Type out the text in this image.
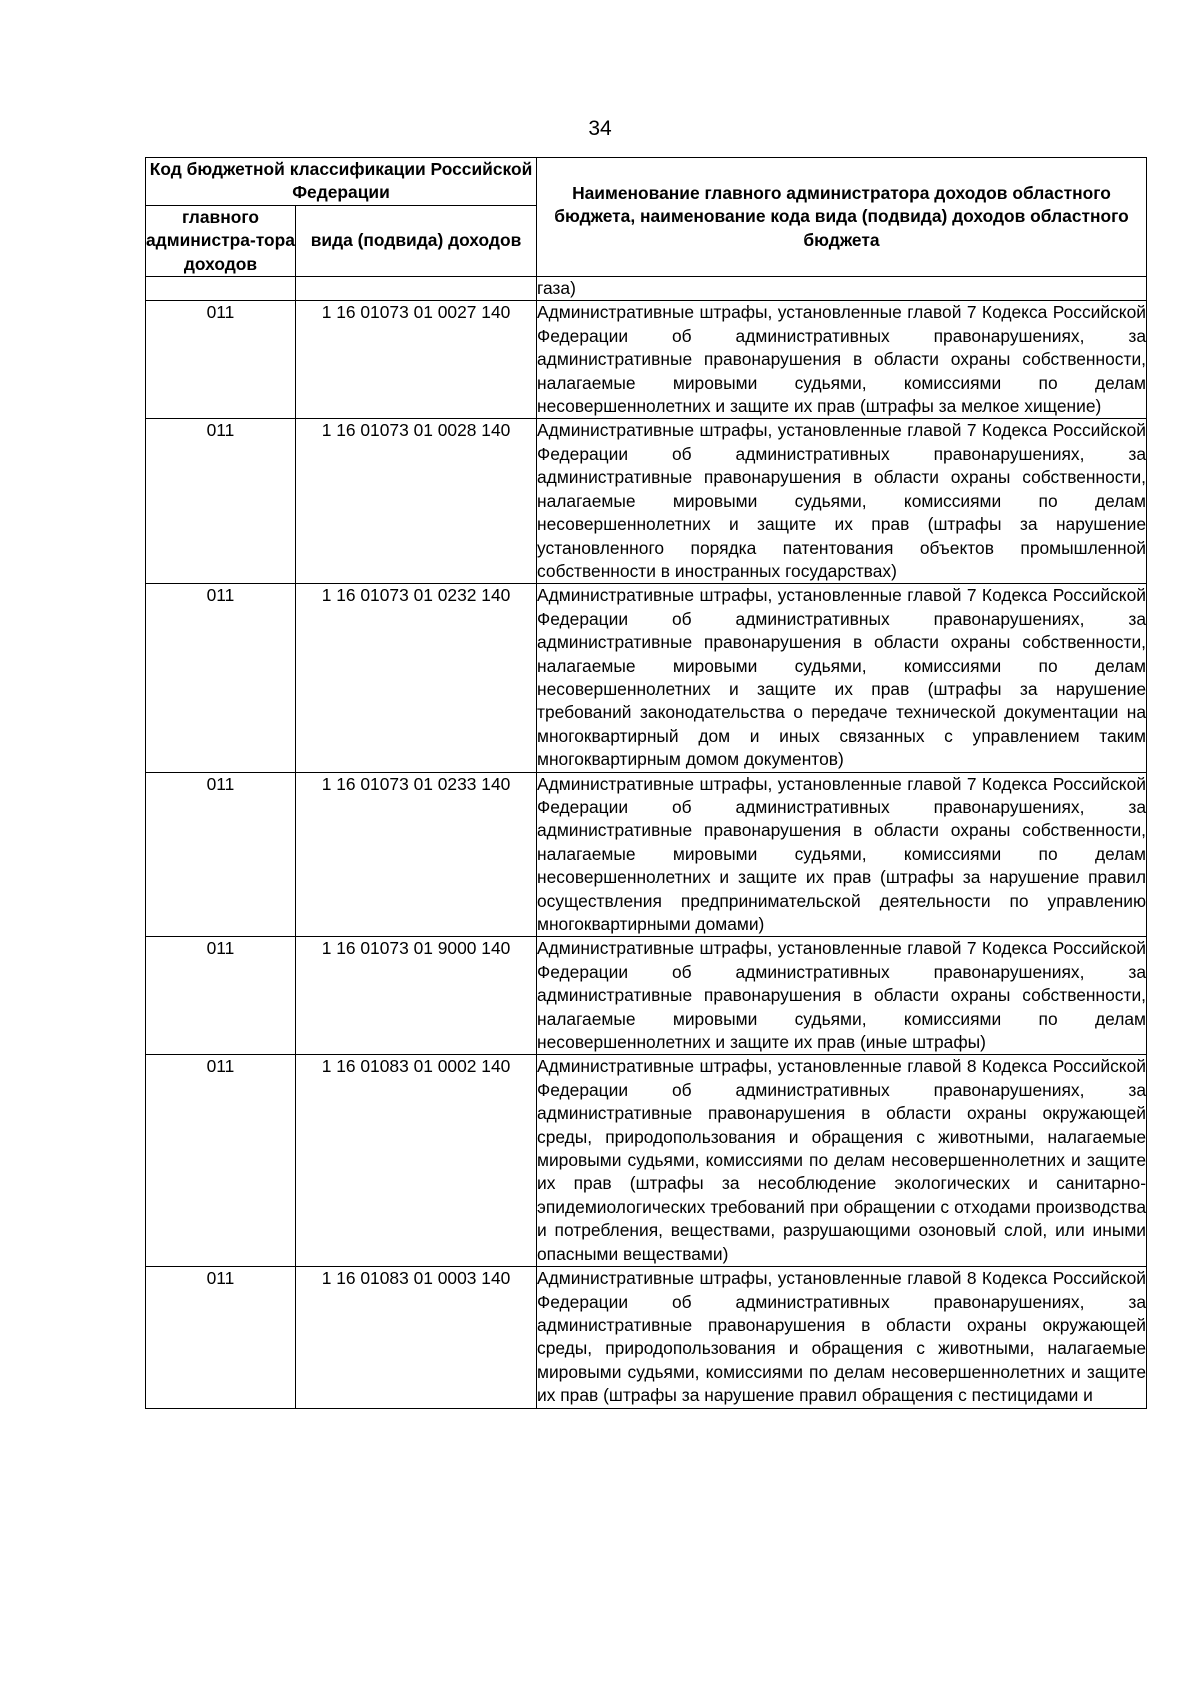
34
Код бюджетной классификации Российской Федерации		Наименование главного администратора доходов областного бюджета, наименование кода вида (подвида) доходов областного бюджета
главного администра-тора доходов	вида (подвида) доходов	
		газа)
011	1 16 01073 01 0027 140	Административные штрафы, установленные главой 7 Кодекса Российской Федерации об административных правонарушениях, за административные правонарушения в области охраны собственности, налагаемые мировыми судьями, комиссиями по делам несовершеннолетних и защите их прав (штрафы за мелкое хищение)
011	1 16 01073 01 0028 140	Административные штрафы, установленные главой 7 Кодекса Российской Федерации об административных правонарушениях, за административные правонарушения в области охраны собственности, налагаемые мировыми судьями, комиссиями по делам несовершеннолетних и защите их прав (штрафы за нарушение установленного порядка патентования объектов промышленной собственности в иностранных государствах)
011	1 16 01073 01 0232 140	Административные штрафы, установленные главой 7 Кодекса Российской Федерации об административных правонарушениях, за административные правонарушения в области охраны собственности, налагаемые мировыми судьями, комиссиями по делам несовершеннолетних и защите их прав (штрафы за нарушение требований законодательства о передаче технической документации на многоквартирный дом и иных связанных с управлением таким многоквартирным домом документов)
011	1 16 01073 01 0233 140	Административные штрафы, установленные главой 7 Кодекса Российской Федерации об административных правонарушениях, за административные правонарушения в области охраны собственности, налагаемые мировыми судьями, комиссиями по делам несовершеннолетних и защите их прав (штрафы за нарушение правил осуществления предпринимательской деятельности по управлению многоквартирными домами)
011	1 16 01073 01 9000 140	Административные штрафы, установленные главой 7 Кодекса Российской Федерации об административных правонарушениях, за административные правонарушения в области охраны собственности, налагаемые мировыми судьями, комиссиями по делам несовершеннолетних и защите их прав (иные штрафы)
011	1 16 01083 01 0002 140	Административные штрафы, установленные главой 8 Кодекса Российской Федерации об административных правонарушениях, за административные правонарушения в области охраны окружающей среды, природопользования и обращения с животными, налагаемые мировыми судьями, комиссиями по делам несовершеннолетних и защите их прав (штрафы за несоблюдение экологических и санитарно-эпидемиологических требований при обращении с отходами производства и потребления, веществами, разрушающими озоновый слой, или иными опасными веществами)
011	1 16 01083 01 0003 140	Административные штрафы, установленные главой 8 Кодекса Российской Федерации об административных правонарушениях, за административные правонарушения в области охраны окружающей среды, природопользования и обращения с животными, налагаемые мировыми судьями, комиссиями по делам несовершеннолетних и защите их прав (штрафы за нарушение правил обращения с пестицидами и
